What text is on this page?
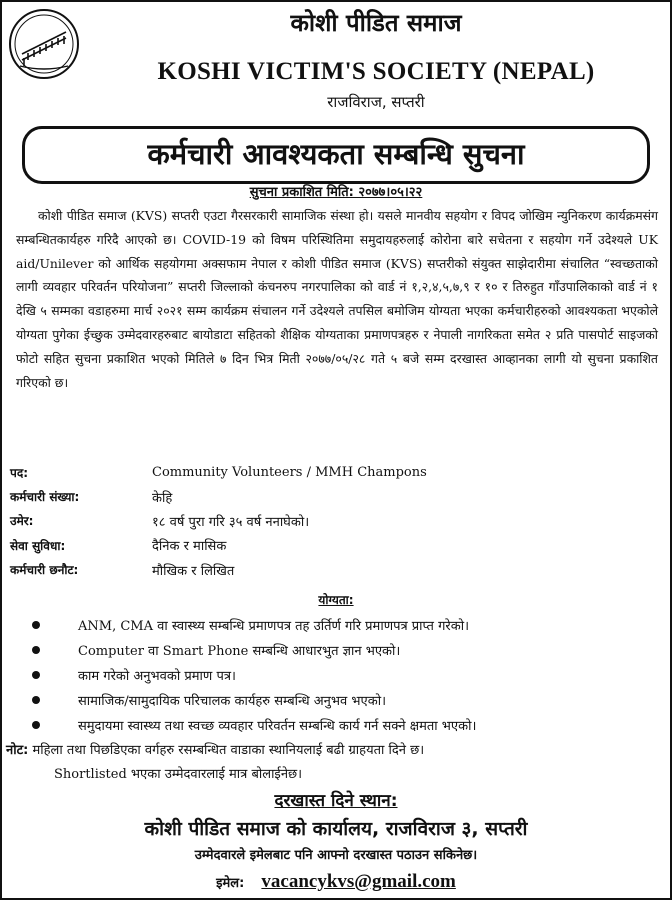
कोशी पीडित समाज
KOSHI VICTIM'S SOCIETY (NEPAL)
राजविराज, सप्तरी
कर्मचारी आवश्यकता सम्बन्धि सुचना
सुचना प्रकाशित मिति: २०७७।०५।२२
कोशी पीडित समाज (KVS) सप्तरी एउटा गैरसरकारी सामाजिक संस्था हो। यसले मानवीय सहयोग र विपद जोखिम न्युनिकरण कार्यक्रमसंग सम्बन्धितकार्यहरु गरिदै आएको छ। COVID-19 को विषम परिस्थितिमा समुदायहरुलाई कोरोना बारे सचेतना र सहयोग गर्ने उदेश्यले UK aid/Unilever को आर्थिक सहयोगमा अक्सफाम नेपाल र कोशी पीडित समाज (KVS) सप्तरीको संयुक्त साझेदारीमा संचालित “स्वच्छताको लागी व्यवहार परिवर्तन परियोजना” सप्तरी जिल्लाको कंचनरुप नगरपालिका को वार्ड नं १,२,४,५,७,९ र १० र तिरुहुत गाँउपालिकाको वार्ड नं १ देखि ५ सम्मका वडाहरुमा मार्च २०२१ सम्म कार्यक्रम संचालन गर्ने उदेश्यले तपसिल बमोजिम योग्यता भएका कर्मचारीहरुको आवश्यकता भएकोले योग्यता पुगेका ईच्छुक उम्मेदवारहरुबाट बायोडाटा सहितको शैक्षिक योग्यताका प्रमाणपत्रहरु र नेपाली नागरिकता समेत २ प्रति पासपोर्ट साइजको फोटो सहित सुचना प्रकाशित भएको मितिले ७ दिन भित्र मिती २०७७/०५/२८ गते ५ बजे सम्म दरखास्त आव्हानका लागी यो सुचना प्रकाशित गरिएको छ।
पद:	Community Volunteers / MMH Champons
कर्मचारी संख्या:	केहि
उमेर:	१८ वर्ष पुरा गरि ३५ वर्ष ननाघेको।
सेवा सुविधा:	दैनिक र मासिक
कर्मचारी छनौट:	मौखिक र लिखित
योग्यता:
ANM, CMA वा स्वास्थ्य सम्बन्धि प्रमाणपत्र तह उर्तिर्ण गरि प्रमाणपत्र प्राप्त गरेको।
Computer वा Smart Phone सम्बन्धि आधारभुत ज्ञान भएको।
काम गरेको अनुभवको प्रमाण पत्र।
सामाजिक/सामुदायिक परिचालक कार्यहरु सम्बन्धि अनुभव भएको।
समुदायमा स्वास्थ्य तथा स्वच्छ व्यवहार परिवर्तन सम्बन्धि कार्य गर्न सक्ने क्षमता भएको।
नोट: महिला तथा पिछडिएका वर्गहरु रसम्बन्धित वाडाका स्थानियलाई बढी ग्राहयता दिने छ।
Shortlisted भएका उम्मेदवारलाई मात्र बोलाईनेछ।
दरखास्त दिने स्थान:
कोशी पीडित समाज को कार्यालय, राजविराज ३, सप्तरी
उम्मेदवारले इमेलबाट पनि आफ्नो दरखास्त पठाउन सकिनेछ।
इमेल: vacancykvs@gmail.com
